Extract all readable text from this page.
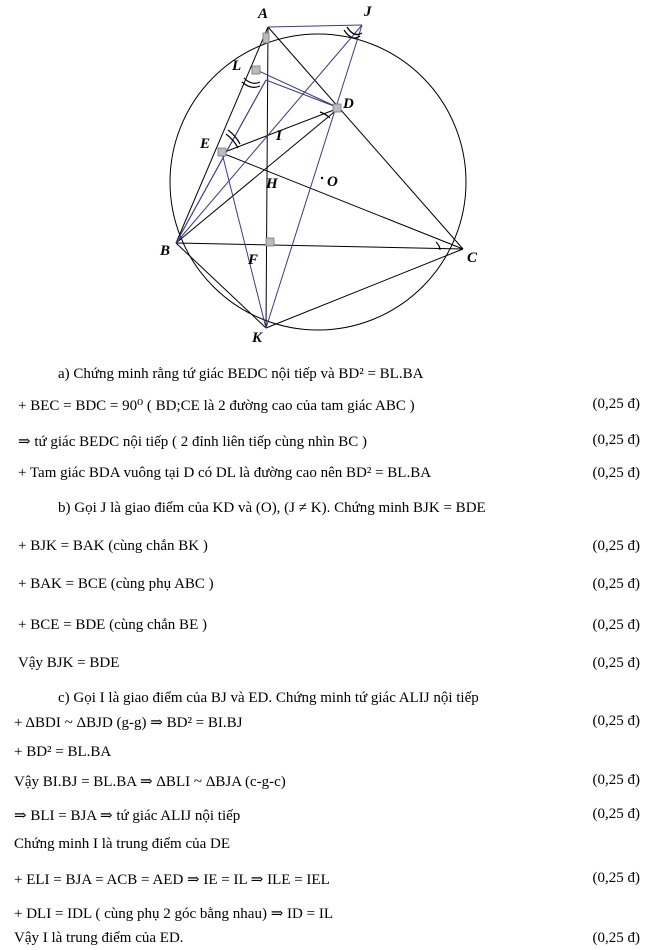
A	J
L
D
E	I
H	O
B
F	C
K
a) Chứng minh rằng tứ giác BEDC nội tiếp và BD² = BL.BA
+ BEC = BDC = 90⁰ ( BD;CE là 2 đường cao của tam giác ABC )	(0,25 đ)
⇒ tứ giác BEDC nội tiếp ( 2 đỉnh liên tiếp cùng nhìn BC )	(0,25 đ)
+ Tam giác BDA vuông tại D có DL là đường cao nên BD² = BL.BA	(0,25 đ)
b) Gọi J là giao điểm của KD và (O), (J ≠ K). Chứng minh BJK = BDE
+ BJK = BAK (cùng chắn BK )	(0,25 đ)
+ BAK = BCE (cùng phụ ABC )	(0,25 đ)
+ BCE = BDE (cùng chắn BE )	(0,25 đ)
Vậy BJK = BDE	(0,25 đ)
c) Gọi I là giao điểm của BJ và ED. Chứng minh tứ giác ALIJ nội tiếp
+ ΔBDI ~ ΔBJD (g-g) ⇒ BD² = BI.BJ	(0,25 đ)
+ BD² = BL.BA
Vậy BI.BJ = BL.BA ⇒ ΔBLI ~ ΔBJA (c-g-c)	(0,25 đ)
⇒ BLI = BJA ⇒ tứ giác ALIJ nội tiếp	(0,25 đ)
Chứng minh I là trung điểm của DE
+ ELI = BJA = ACB = AED ⇒ IE = IL ⇒ ILE = IEL	(0,25 đ)
+ DLI = IDL ( cùng phụ 2 góc bằng nhau) ⇒ ID = IL
Vậy I là trung điểm của ED.	(0,25 đ)
